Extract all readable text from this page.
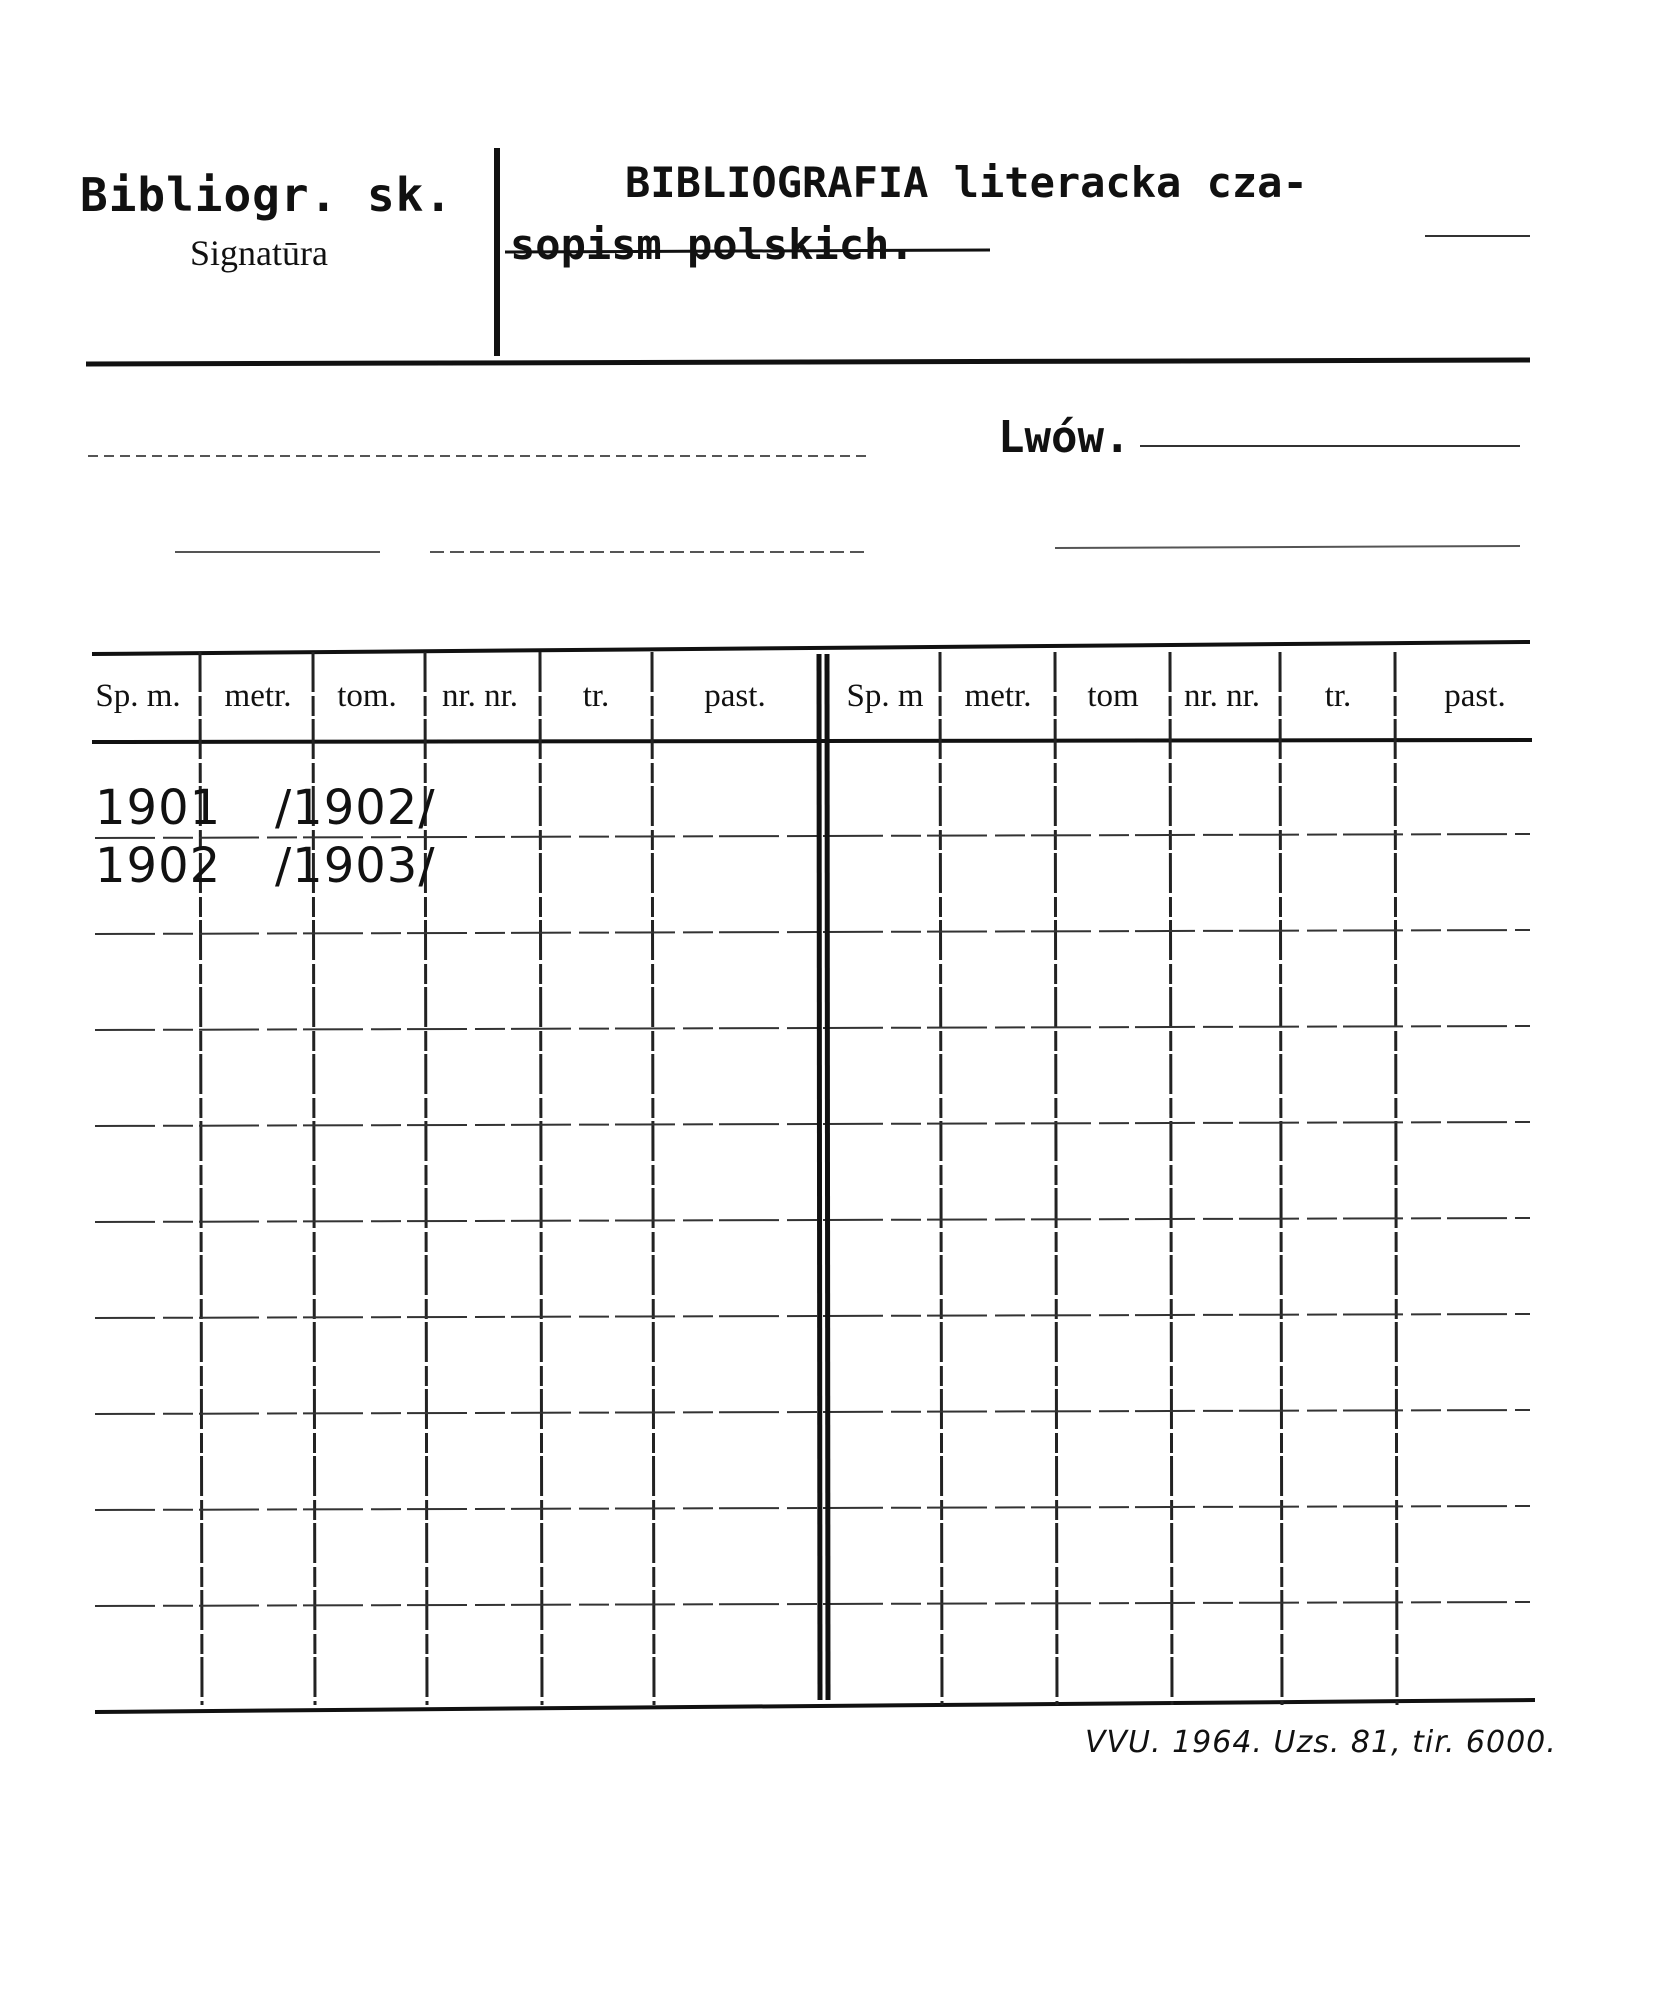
Bibliogr. sk.
Signatūra
BIBLIOGRAFIA literacka cza-
sopism polskich.
Lwów.
Sp. m. metr. tom. nr. nr. tr.	past. Sp. m metr. tom nr. nr. tr.	past.
1901 /1902/
1902 /1903/
VVU. 1964. Uzs. 81, tir. 6000.
